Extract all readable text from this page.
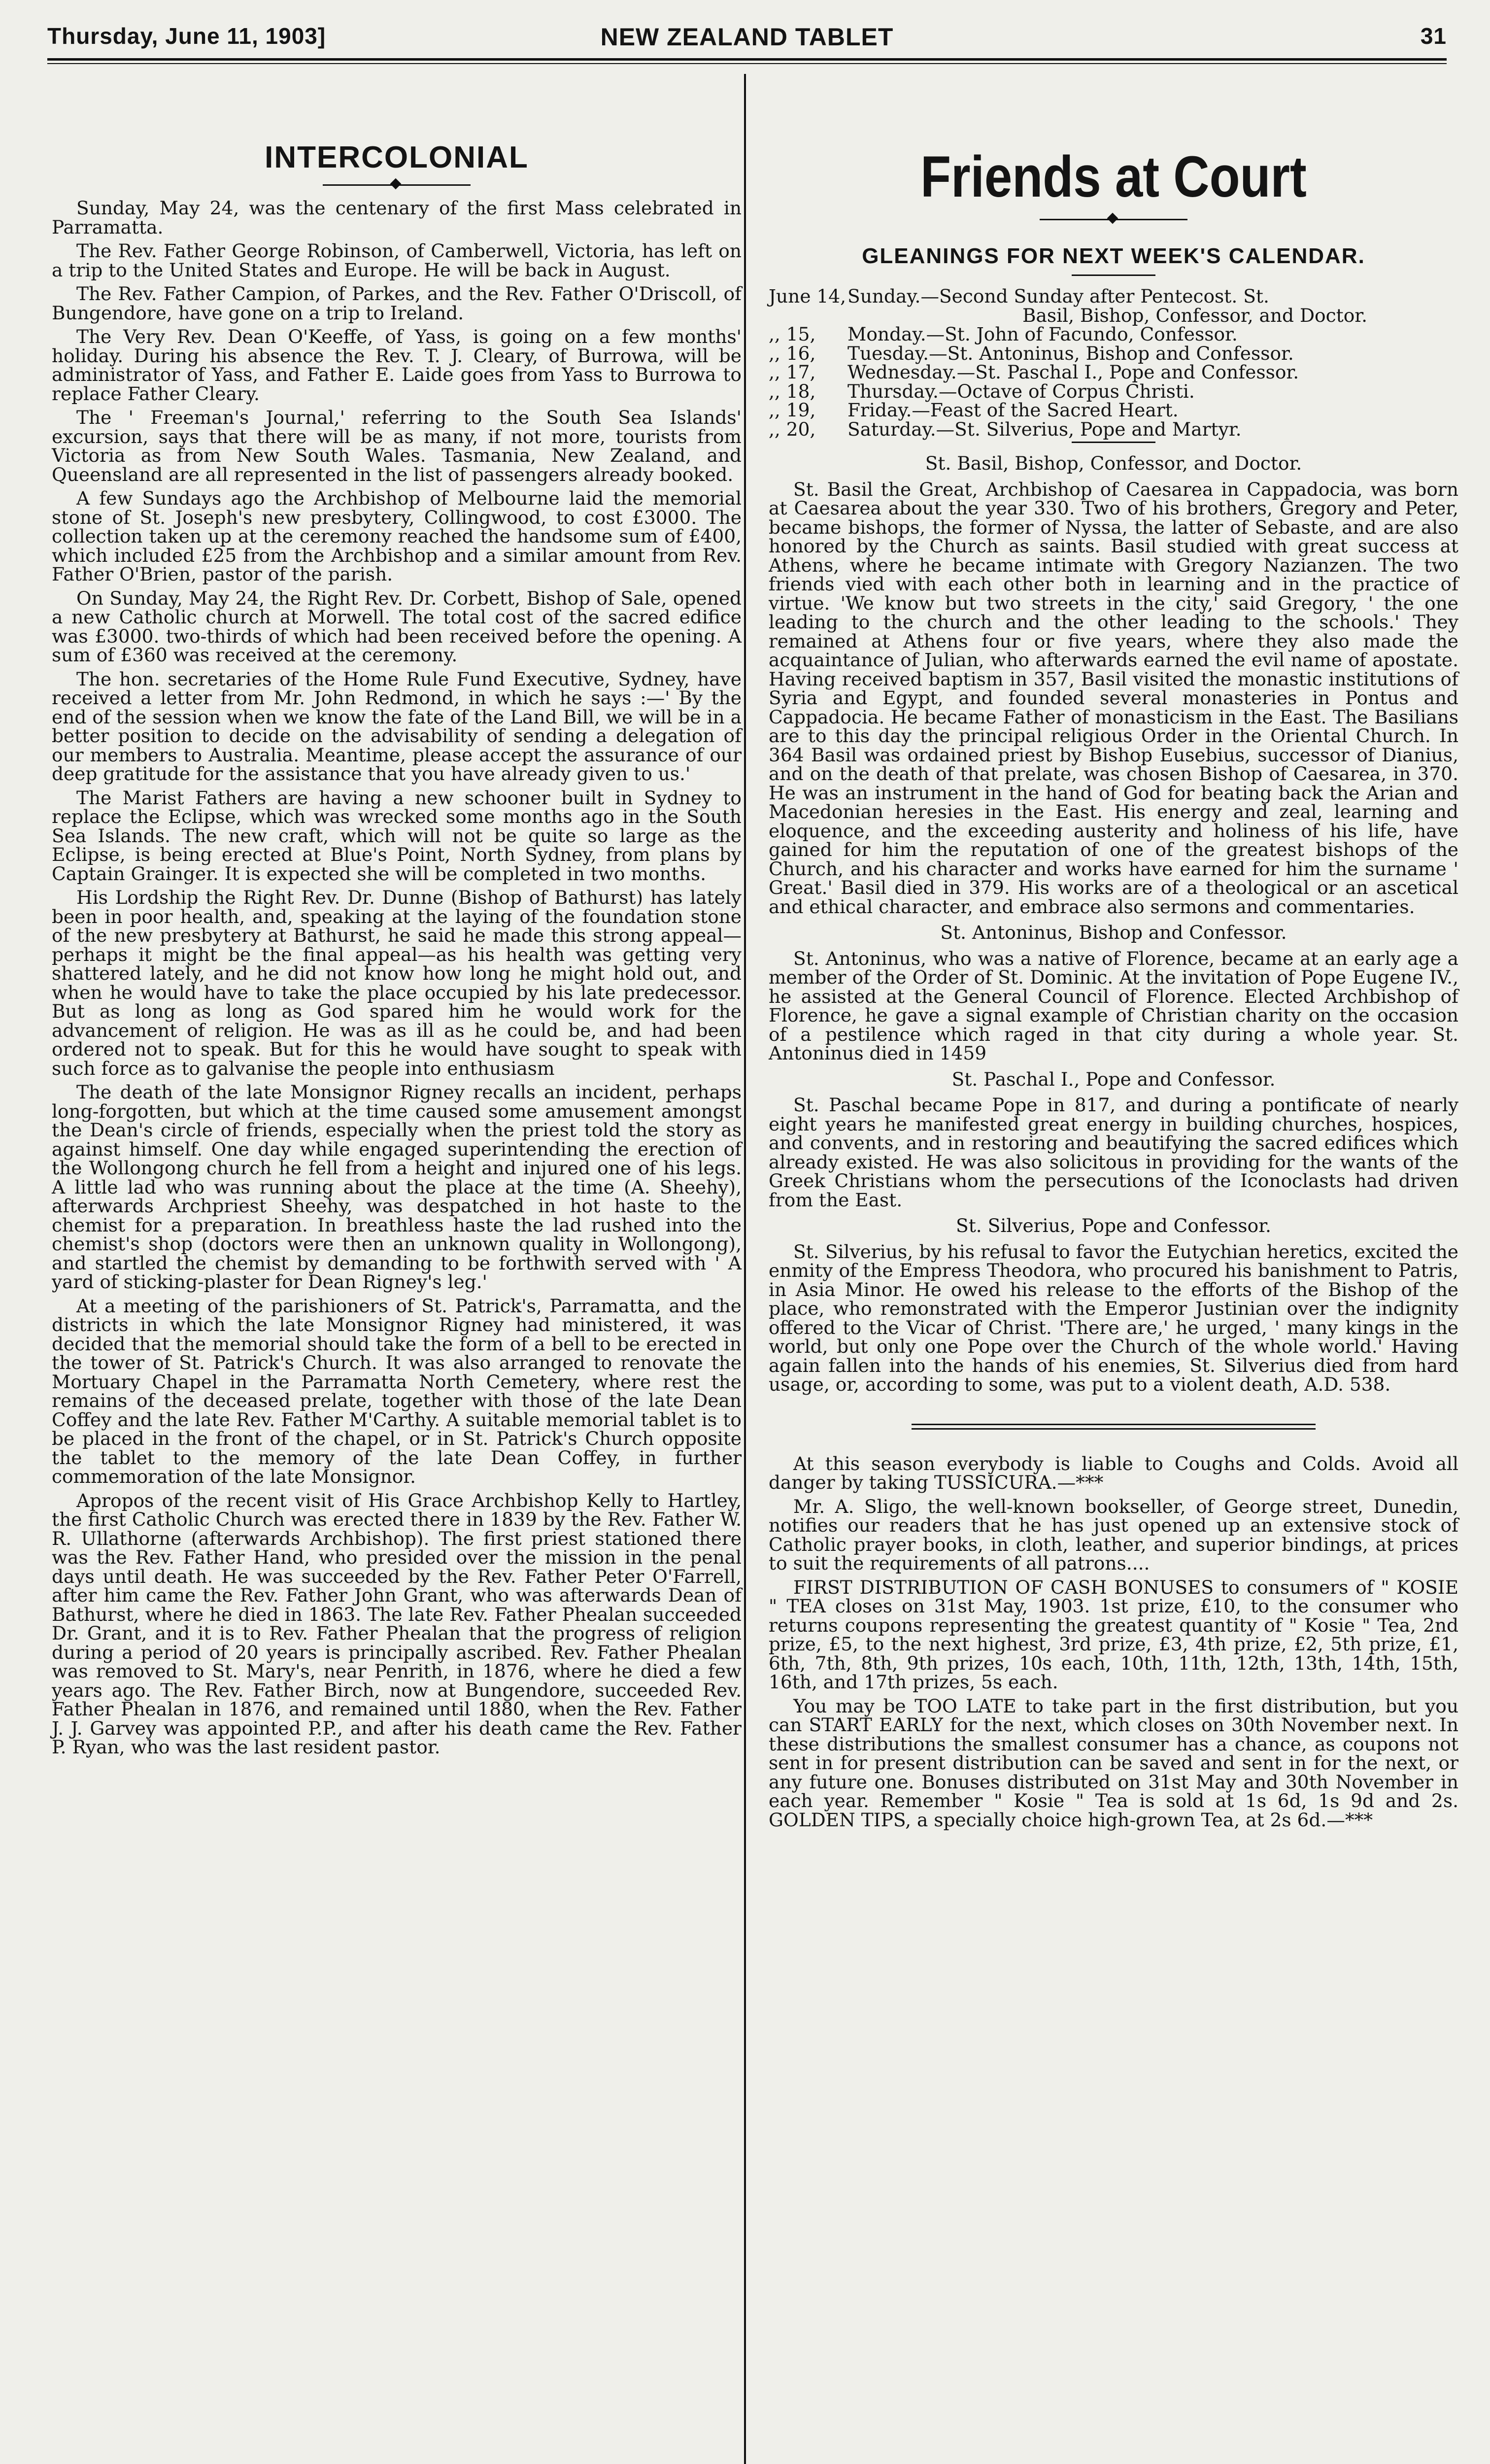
Thursday, June 11, 1903]	NEW ZEALAND TABLET	31
INTERCOLONIAL

Sunday, May 24, was the centenary of the first Mass celebrated in Parramatta.

The Rev. Father George Robinson, of Camberwell, Victoria, has left on a trip to the United States and Europe. He will be back in August.

The Rev. Father Campion, of Parkes, and the Rev. Father O'Driscoll, of Bungendore, have gone on a trip to Ireland.

The Very Rev. Dean O'Keeffe, of Yass, is going on a few months' holiday. During his absence the Rev. T. J. Cleary, of Burrowa, will be administrator of Yass, and Father E. Laide goes from Yass to Burrowa to replace Father Cleary.

The ' Freeman's Journal,' referring to the South Sea Islands' excursion, says that there will be as many, if not more, tourists from Victoria as from New South Wales. Tasmania, New Zealand, and Queensland are all represented in the list of passengers already booked.

A few Sundays ago the Archbishop of Melbourne laid the memorial stone of St. Joseph's new presbytery, Collingwood, to cost £3000. The collection taken up at the ceremony reached the handsome sum of £400, which included £25 from the Archbishop and a similar amount from Rev. Father O'Brien, pastor of the parish.

On Sunday, May 24, the Right Rev. Dr. Corbett, Bishop of Sale, opened a new Catholic church at Morwell. The total cost of the sacred edifice was £3000. two-thirds of which had been received before the opening. A sum of £360 was received at the ceremony.

The hon. secretaries of the Home Rule Fund Executive, Sydney, have received a letter from Mr. John Redmond, in which he says :—' By the end of the session when we know the fate of the Land Bill, we will be in a better position to decide on the advisability of sending a delegation of our members to Australia. Meantime, please accept the assurance of our deep gratitude for the assistance that you have already given to us.'

The Marist Fathers are having a new schooner built in Sydney to replace the Eclipse, which was wrecked some months ago in the South Sea Islands. The new craft, which will not be quite so large as the Eclipse, is being erected at Blue's Point, North Sydney, from plans by Captain Grainger. It is expected she will be completed in two months.

His Lordship the Right Rev. Dr. Dunne (Bishop of Bathurst) has lately been in poor health, and, speaking at the laying of the foundation stone of the new presbytery at Bathurst, he said he made this strong appeal—perhaps it might be the final appeal—as his health was getting very shattered lately, and he did not know how long he might hold out, and when he would have to take the place occupied by his late predecessor. But as long as long as God spared him he would work for the advancement of religion. He was as ill as he could be, and had been ordered not to speak. But for this he would have sought to speak with such force as to galvanise the people into enthusiasm

The death of the late Monsignor Rigney recalls an incident, perhaps long-forgotten, but which at the time caused some amusement amongst the Dean's circle of friends, especially when the priest told the story as against himself. One day while engaged superintending the erection of the Wollongong church he fell from a height and injured one of his legs. A little lad who was running about the place at the time (A. Sheehy), afterwards Archpriest Sheehy, was despatched in hot haste to the chemist for a preparation. In breathless haste the lad rushed into the chemist's shop (doctors were then an unknown quality in Wollongong), and startled the chemist by demanding to be forthwith served with ' A yard of sticking-plaster for Dean Rigney's leg.'

At a meeting of the parishioners of St. Patrick's, Parramatta, and the districts in which the late Monsignor Rigney had ministered, it was decided that the memorial should take the form of a bell to be erected in the tower of St. Patrick's Church. It was also arranged to renovate the Mortuary Chapel in the Parramatta North Cemetery, where rest the remains of the deceased prelate, together with those of the late Dean Coffey and the late Rev. Father M'Carthy. A suitable memorial tablet is to be placed in the front of the chapel, or in St. Patrick's Church opposite the tablet to the memory of the late Dean Coffey, in further commemoration of the late Monsignor.

Apropos of the recent visit of His Grace Archbishop Kelly to Hartley, the first Catholic Church was erected there in 1839 by the Rev. Father W. R. Ullathorne (afterwards Archbishop). The first priest stationed there was the Rev. Father Hand, who presided over the mission in the penal days until death. He was succeeded by the Rev. Father Peter O'Farrell, after him came the Rev. Father John Grant, who was afterwards Dean of Bathurst, where he died in 1863. The late Rev. Father Phealan succeeded Dr. Grant, and it is to Rev. Father Phealan that the progress of religion during a period of 20 years is principally ascribed. Rev. Father Phealan was removed to St. Mary's, near Penrith, in 1876, where he died a few years ago. The Rev. Father Birch, now at Bungendore, succeeded Rev. Father Phealan in 1876, and remained until 1880, when the Rev. Father J. J. Garvey was appointed P.P., and after his death came the Rev. Father P. Ryan, who was the last resident pastor.

Friends at Court
GLEANINGS FOR NEXT WEEK'S CALENDAR.
June 14, Sunday.—Second Sunday after Pentecost. St.
Basil, Bishop, Confessor, and Doctor.
,, 15,	Monday.—St. John of Facundo, Confessor.
,, 16,	Tuesday.—St. Antoninus, Bishop and Confessor.
,, 17,	Wednesday.—St. Paschal I., Pope and Confessor.
,, 18,	Thursday.—Octave of Corpus Christi.
,, 19,	Friday.—Feast of the Sacred Heart.
,, 20,	Saturday.—St. Silverius, Pope and Martyr.

St. Basil, Bishop, Confessor, and Doctor.

St. Basil the Great, Archbishop of Caesarea in Cappadocia, was born at Caesarea about the year 330. Two of his brothers, Gregory and Peter, became bishops, the former of Nyssa, the latter of Sebaste, and are also honored by the Church as saints. Basil studied with great success at Athens, where he became intimate with Gregory Nazianzen. The two friends vied with each other both in learning and in the practice of virtue. 'We know but two streets in the city,' said Gregory, ' the one leading to the church and the other leading to the schools.' They remained at Athens four or five years, where they also made the acquaintance of Julian, who afterwards earned the evil name of apostate. Having received baptism in 357, Basil visited the monastic institutions of Syria and Egypt, and founded several monasteries in Pontus and Cappadocia. He became Father of monasticism in the East. The Basilians are to this day the principal religious Order in the Oriental Church. In 364 Basil was ordained priest by Bishop Eusebius, successor of Dianius, and on the death of that prelate, was chosen Bishop of Caesarea, in 370. He was an instrument in the hand of God for beating back the Arian and Macedonian heresies in the East. His energy and zeal, learning and eloquence, and the exceeding austerity and holiness of his life, have gained for him the reputation of one of the greatest bishops of the Church, and his character and works have earned for him the surname ' Great.' Basil died in 379. His works are of a theological or an ascetical and ethical character, and embrace also sermons and commentaries.

St. Antoninus, Bishop and Confessor.

St. Antoninus, who was a native of Florence, became at an early age a member of the Order of St. Dominic. At the invitation of Pope Eugene IV., he assisted at the General Council of Florence. Elected Archbishop of Florence, he gave a signal example of Christian charity on the occasion of a pestilence which raged in that city during a whole year. St. Antoninus died in 1459

St. Paschal I., Pope and Confessor.

St. Paschal became Pope in 817, and during a pontificate of nearly eight years he manifested great energy in building churches, hospices, and convents, and in restoring and beautifying the sacred edifices which already existed. He was also solicitous in providing for the wants of the Greek Christians whom the persecutions of the Iconoclasts had driven from the East.

St. Silverius, Pope and Confessor.

St. Silverius, by his refusal to favor the Eutychian heretics, excited the enmity of the Empress Theodora, who procured his banishment to Patris, in Asia Minor. He owed his release to the efforts of the Bishop of the place, who remonstrated with the Emperor Justinian over the indignity offered to the Vicar of Christ. 'There are,' he urged, ' many kings in the world, but only one Pope over the Church of the whole world.' Having again fallen into the hands of his enemies, St. Silverius died from hard usage, or, according to some, was put to a violent death, A.D. 538.

At this season everybody is liable to Coughs and Colds. Avoid all danger by taking TUSSICURA.—***

Mr. A. Sligo, the well-known bookseller, of George street, Dunedin, notifies our readers that he has just opened up an extensive stock of Catholic prayer books, in cloth, leather, and superior bindings, at prices to suit the requirements of all patrons....

FIRST DISTRIBUTION OF CASH BONUSES to consumers of " KOSIE " TEA closes on 31st May, 1903. 1st prize, £10, to the consumer who returns coupons representing the greatest quantity of " Kosie " Tea, 2nd prize, £5, to the next highest, 3rd prize, £3, 4th prize, £2, 5th prize, £1, 6th, 7th, 8th, 9th prizes, 10s each, 10th, 11th, 12th, 13th, 14th, 15th, 16th, and 17th prizes, 5s each.

You may be TOO LATE to take part in the first distribution, but you can START EARLY for the next, which closes on 30th November next. In these distributions the smallest consumer has a chance, as coupons not sent in for present distribution can be saved and sent in for the next, or any future one. Bonuses distributed on 31st May and 30th November in each year. Remember " Kosie " Tea is sold at 1s 6d, 1s 9d and 2s. GOLDEN TIPS, a specially choice high-grown Tea, at 2s 6d.—***
